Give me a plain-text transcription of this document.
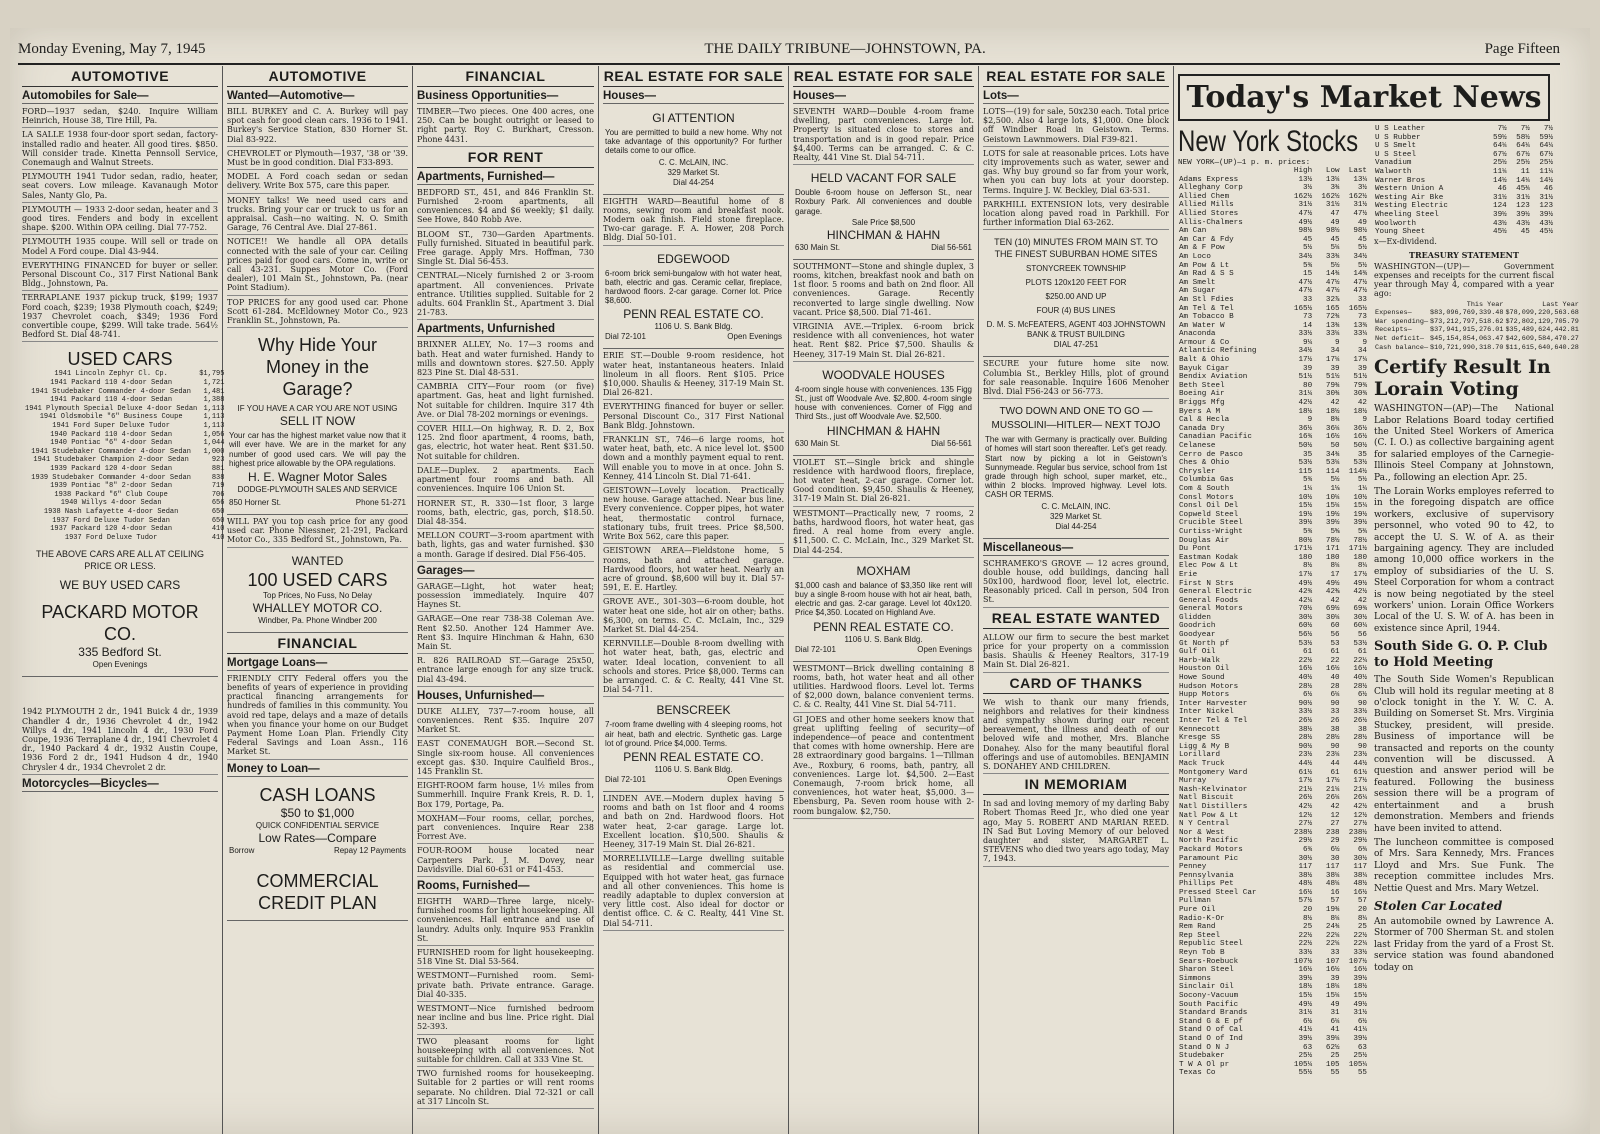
Monday Evening, May 7, 1945	THE DAILY TRIBUNE—JOHNSTOWN, PA.	Page Fifteen
AUTOMOTIVE
Automobiles for Sale—

FORD—1937 sedan, $240. Inquire William Heinrich, House 38, Tire Hill, Pa.

LA SALLE 1938 four-door sport sedan, factory-installed radio and heater. All good tires. $850. Will consider trade. Kinetta Pennsoll Service, Conemaugh and Walnut Streets.

PLYMOUTH 1941 Tudor sedan, radio, heater, seat covers. Low mileage. Kavanaugh Motor Sales, Nanty Glo, Pa.

PLYMOUTH — 1933 2-door sedan, heater and 3 good tires. Fenders and body in excellent shape. $200. Within OPA ceiling. Dial 77-752.

PLYMOUTH 1935 coupe. Will sell or trade on Model A Ford coupe. Dial 43-944.

EVERYTHING FINANCED for buyer or seller. Personal Discount Co., 317 First National Bank Bldg., Johnstown, Pa.

TERRAPLANE 1937 pickup truck, $199; 1937 Ford coach, $239; 1938 Plymouth coach, $249; 1937 Chevrolet coach, $349; 1936 Ford convertible coupe, $299. Will take trade. 564½ Bedford St. Dial 48-741.

USED CARS
1941 Lincoln Zephyr Cl. Cp.	$1,795
1941 Packard 110 4-door Sedan	1,721
1941 Studebaker Commander 4-door Sedan	1,481
1941 Packard 110 4-door Sedan	1,388
1941 Plymouth Special Deluxe 4-door Sedan	1,113
1941 Oldsmobile "6" Business Coupe	1,113
1941 Ford Super Deluxe Tudor	1,113
1940 Packard 110 4-door Sedan	1,056
1940 Pontiac "6" 4-door Sedan	1,044
1941 Studebaker Commander 4-door Sedan	1,000
1941 Studebaker Champion 2-door Sedan	923
1939 Packard 120 4-door Sedan	881
1939 Studebaker Commander 4-door Sedan	838
1939 Pontiac "8" 2-door Sedan	719
1938 Packard "6" Club Coupe	706
1940 Willys 4-door Sedan	656
1938 Nash Lafayette 4-door Sedan	650
1937 Ford Deluxe Tudor Sedan	650
1937 Packard 120 4-door Sedan	410
1937 Ford Deluxe Tudor	410
THE ABOVE CARS ARE ALL AT CEILING PRICE OR LESS.
WE BUY USED CARS
PACKARD MOTOR CO.
335 Bedford St.
Open Evenings

1942 PLYMOUTH 2 dr., 1941 Buick 4 dr., 1939 Chandler 4 dr., 1936 Chevrolet 4 dr., 1942 Willys 4 dr., 1941 Lincoln 4 dr., 1930 Ford Coupe, 1936 Terraplane 4 dr., 1941 Chevrolet 4 dr., 1940 Packard 4 dr., 1932 Austin Coupe, 1936 Ford 2 dr., 1941 Hudson 4 dr., 1940 Chrysler 4 dr., 1934 Chevrolet 2 dr.

Motorcycles—Bicycles—
AUTOMOTIVE
Wanted—Automotive—

BILL BURKEY and C. A. Burkey will pay spot cash for good clean cars. 1936 to 1941. Burkey's Service Station, 830 Horner St. Dial 83-922.

CHEVROLET or Plymouth—1937, '38 or '39. Must be in good condition. Dial F33-893.

MODEL A Ford coach sedan or sedan delivery. Write Box 575, care this paper.

MONEY talks! We need used cars and trucks. Bring your car or truck to us for an appraisal. Cash—no waiting. N. O. Smith Garage, 76 Central Ave. Dial 27-861.

NOTICE!! We handle all OPA details connected with the sale of your car. Ceiling prices paid for good cars. Come in, write or call 43-231. Suppes Motor Co. (Ford dealer), 101 Main St., Johnstown, Pa. (near Point Stadium).

TOP PRICES for any good used car. Phone Scott 61-284. McEldowney Motor Co., 923 Franklin St., Johnstown, Pa.

Why Hide Your Money in the Garage?
IF YOU HAVE A CAR YOU ARE NOT USING
SELL IT NOW

Your car has the highest market value now that it will ever have. We are in the market for any number of good used cars. We will pay the highest price allowable by the OPA regulations.

H. E. Wagner Motor Sales
DODGE-PLYMOUTH SALES AND SERVICE
850 Horner St.	Phone 51-271

WILL PAY you top cash price for any good used car. Phone Niessner, 21-291, Packard Motor Co., 335 Bedford St., Johnstown, Pa.

WANTED
100 USED CARS
Top Prices, No Fuss, No Delay
WHALLEY MOTOR CO.
Windber, Pa. Phone Windber 200
FINANCIAL
Mortgage Loans—

FRIENDLY CITY Federal offers you the benefits of years of experience in providing practical financing arrangements for hundreds of families in this community. You avoid red tape, delays and a maze of details when you finance your home on our Budget Payment Home Loan Plan. Friendly City Federal Savings and Loan Assn., 116 Market St.

Money to Loan—
CASH LOANS
$50 to $1,000
QUICK CONFIDENTIAL SERVICE
Low Rates—Compare
Borrow	Repay 12 Payments
COMMERCIAL CREDIT PLAN
FINANCIAL
Business Opportunities—

TIMBER—Two pieces. One 400 acres, one 250. Can be bought outright or leased to right party. Roy C. Burkhart, Cresson. Phone 4431.

FOR RENT
Apartments, Furnished—

BEDFORD ST., 451, and 846 Franklin St. Furnished 2-room apartments, all conveniences. $4 and $6 weekly; $1 daily. See Howe, 840 Robb Ave.

BLOOM ST., 730—Garden Apartments. Fully furnished. Situated in beautiful park. Free garage. Apply Mrs. Hoffman, 730 Single St. Dial 56-453.

CENTRAL—Nicely furnished 2 or 3-room apartment. All conveniences. Private entrance. Utilities supplied. Suitable for 2 adults. 604 Franklin St., Apartment 3. Dial 21-783.

Apartments, Unfurnished

BRIXNER ALLEY, No. 17—3 rooms and bath. Heat and water furnished. Handy to mills and downtown stores. $27.50. Apply 823 Pine St. Dial 48-531.

CAMBRIA CITY—Four room (or five) apartment. Gas, heat and light furnished. Not suitable for children. Inquire 317 4th Ave. or Dial 78-202 mornings or evenings.

COVER HILL—On highway, R. D. 2, Box 125. 2nd floor apartment, 4 rooms, bath, gas, electric, hot water heat. Rent $31.50. Not suitable for children.

DALE—Duplex. 2 apartments. Each apartment four rooms and bath. All conveniences. Inquire 106 Union St.

HORNER ST., R. 330—1st floor, 3 large rooms, bath, electric, gas, porch, $18.50. Dial 48-354.

MELLON COURT—3-room apartment with bath, lights, gas and water furnished. $30 a month. Garage if desired. Dial F56-405.

Garages—

GARAGE—Light, hot water heat; possession immediately. Inquire 407 Haynes St.

GARAGE—One rear 738-38 Coleman Ave. Rent $2.50. Another 124 Hammer Ave. Rent $3. Inquire Hinchman & Hahn, 630 Main St.

R. 826 RAILROAD ST.—Garage 25x50, entrance large enough for any size truck. Dial 43-494.

Houses, Unfurnished—

DUKE ALLEY, 737—7-room house, all conveniences. Rent $35. Inquire 207 Market St.

EAST CONEMAUGH BOR.—Second St. Single six-room house. All conveniences except gas. $30. Inquire Caulfield Bros., 145 Franklin St.

EIGHT-ROOM farm house, 1½ miles from Summerhill. Inquire Frank Kreis, R. D. 1, Box 179, Portage, Pa.

MOXHAM—Four rooms, cellar, porches, part conveniences. Inquire Rear 238 Forrest Ave.

FOUR-ROOM house located near Carpenters Park. J. M. Dovey, near Davidsville. Dial 60-631 or F41-453.

Rooms, Furnished—

EIGHTH WARD—Three large, nicely-furnished rooms for light housekeeping. All conveniences. Hall entrance and use of laundry. Adults only. Inquire 953 Franklin St.

FURNISHED room for light housekeeping. 518 Vine St. Dial 53-564.

WESTMONT—Furnished room. Semi-private bath. Private entrance. Garage. Dial 40-335.

WESTMONT—Nice furnished bedroom near incline and bus line. Price right. Dial 52-393.

TWO pleasant rooms for light housekeeping with all conveniences. Not suitable for children. Call at 333 Vine St.

TWO furnished rooms for housekeeping. Suitable for 2 parties or will rent rooms separate. No children. Dial 72-321 or call at 317 Lincoln St.

REAL ESTATE FOR SALE
Houses—
GI ATTENTION

You are permitted to build a new home. Why not take advantage of this opportunity? For further details come to our office.

C. C. McLAIN, INC.
329 Market St.
Dial 44-254

EIGHTH WARD—Beautiful home of 8 rooms, sewing room and breakfast nook. Modern oak finish. Field stone fireplace. Two-car garage. F. A. Hower, 208 Porch Bldg. Dial 50-101.

EDGEWOOD

6-room brick semi-bungalow with hot water heat, bath, electric and gas. Ceramic cellar, fireplace, hardwood floors. 2-car garage. Corner lot. Price $8,600.

PENN REAL ESTATE CO.
1106 U. S. Bank Bldg.
Dial 72-101	Open Evenings

ERIE ST.—Double 9-room residence, hot water heat, instantaneous heaters. Inlaid linoleum in all floors. Rent $105. Price $10,000. Shaulis & Heeney, 317-19 Main St. Dial 26-821.

EVERYTHING financed for buyer or seller. Personal Discount Co., 317 First National Bank Bldg. Johnstown.

FRANKLIN ST., 746—6 large rooms, hot water heat, bath, etc. A nice level lot. $500 down and a monthly payment equal to rent. Will enable you to move in at once. John S. Kenney, 414 Lincoln St. Dial 71-641.

GEISTOWN—Lovely location. Practically new house. Garage attached. Near bus line. Every convenience. Copper pipes, hot water heat, thermostatic control furnace, stationary tubs, fruit trees. Price $8,500. Write Box 562, care this paper.

GEISTOWN AREA—Fieldstone home, 5 rooms, bath and attached garage. Hardwood floors, hot water heat. Nearly an acre of ground. $8,600 will buy it. Dial 57-591, E. E. Hartley.

GROVE AVE., 301-303—6-room double, hot water heat one side, hot air on other; baths. $6,300, on terms. C. C. McLain, Inc., 329 Market St. Dial 44-254.

KERNVILLE—Double 8-room dwelling with hot water heat, bath, gas, electric and water. Ideal location, convenient to all schools and stores. Price $8,000. Terms can be arranged. C. & C. Realty, 441 Vine St. Dial 54-711.

BENSCREEK

7-room frame dwelling with 4 sleeping rooms, hot air heat, bath and electric. Synthetic gas. Large lot of ground. Price $4,000. Terms.

PENN REAL ESTATE CO.
1106 U. S. Bank Bldg.
Dial 72-101	Open Evenings

LINDEN AVE.—Modern duplex having 5 rooms and bath on 1st floor and 4 rooms and bath on 2nd. Hardwood floors. Hot water heat, 2-car garage. Large lot. Excellent location. $10,500. Shaulis & Heeney, 317-19 Main St. Dial 26-821.

MORRELLVILLE—Large dwelling suitable as residential and commercial use. Equipped with hot water heat, gas furnace and all other conveniences. This home is readily adaptable to duplex conversion at very little cost. Also ideal for doctor or dentist office. C. & C. Realty, 441 Vine St. Dial 54-711.

REAL ESTATE FOR SALE
Houses—

SEVENTH WARD—Double 4-room frame dwelling, part conveniences. Large lot. Property is situated close to stores and transportation and is in good repair. Price $4,400. Terms can be arranged. C. & C. Realty, 441 Vine St. Dial 54-711.

HELD VACANT FOR SALE

Double 6-room house on Jefferson St., near Roxbury Park. All conveniences and double garage.

Sale Price $8,500
HINCHMAN & HAHN
630 Main St.	Dial 56-561

SOUTHMONT—Stone and shingle duplex, 3 rooms, kitchen, breakfast nook and bath on 1st floor. 5 rooms and bath on 2nd floor. All conveniences. Garage. Recently reconverted to large single dwelling. Now vacant. Price $8,500. Dial 71-461.

VIRGINIA AVE.—Triplex. 6-room brick residence with all conveniences, hot water heat. Rent $82. Price $7,500. Shaulis & Heeney, 317-19 Main St. Dial 26-821.

WOODVALE HOUSES

4-room single house with conveniences. 135 Figg St., just off Woodvale Ave. $2,800. 4-room single house with conveniences. Corner of Figg and Third Sts., just off Woodvale Ave. $2,500.

HINCHMAN & HAHN
630 Main St.	Dial 56-561

VIOLET ST.—Single brick and shingle residence with hardwood floors, fireplace, hot water heat, 2-car garage. Corner lot. Good condition. $9,450. Shaulis & Heeney, 317-19 Main St. Dial 26-821.

WESTMONT—Practically new, 7 rooms, 2 baths, hardwood floors, hot water heat, gas fired. A real home from every angle. $11,500. C. C. McLain, Inc., 329 Market St. Dial 44-254.

MOXHAM

$1,000 cash and balance of $3,350 like rent will buy a single 8-room house with hot air heat, bath, electric and gas. 2-car garage. Level lot 40x120. Price $4,350. Located on Highland Ave.

PENN REAL ESTATE CO.
1106 U. S. Bank Bldg.
Dial 72-101	Open Evenings

WESTMONT—Brick dwelling containing 8 rooms, bath, hot water heat and all other utilities. Hardwood floors. Level lot. Terms of $2,000 down, balance convenient terms. C. & C. Realty, 441 Vine St. Dial 54-711.

GI JOES and other home seekers know that great uplifting feeling of security—of independence—of peace and contentment that comes with home ownership. Here are 28 extraordinary good bargains. 1—Tillman Ave., Roxbury, 6 rooms, bath, pantry, all conveniences. Large lot. $4,500. 2—East Conemaugh, 7-room brick home, all conveniences, hot water heat, $5,000. 3—Ebensburg, Pa. Seven room house with 2-room bungalow. $2,750.

REAL ESTATE FOR SALE
Lots—

LOTS—(19) for sale, 50x230 each. Total price $2,500. Also 4 large lots, $1,000. One block off Windber Road in Geistown. Terms. Geistown Lawnmowers. Dial F39-821.

LOTS for sale at reasonable prices. Lots have city improvements such as water, sewer and gas. Why buy ground so far from your work, when you can buy lots at your doorstep. Terms. Inquire J. W. Beckley, Dial 63-531.

PARKHILL EXTENSION lots, very desirable location along paved road in Parkhill. For further information Dial 63-262.

TEN (10) MINUTES FROM MAIN ST. TO THE FINEST SUBURBAN HOME SITES
STONYCREEK TOWNSHIP
PLOTS 120x120 FEET FOR
$250.00 AND UP
FOUR (4) BUS LINES
D. M. S. McFEATERS, AGENT 403 JOHNSTOWN BANK & TRUST BUILDING
DIAL 47-251

SECURE your future home site now. Columbia St., Berkley Hills, plot of ground for sale reasonable. Inquire 1606 Menoher Blvd. Dial F56-243 or 56-773.

TWO DOWN AND ONE TO GO —MUSSOLINI—HITLER— NEXT TOJO

The war with Germany is practically over. Building of homes will start soon thereafter. Let's get ready. Start now by picking a lot in Geistown's Sunnymeade. Regular bus service, school from 1st grade through high school, super market, etc., within 2 blocks. Improved highway. Level lots. CASH OR TERMS.

C. C. McLAIN, INC.
329 Market St.
Dial 44-254
Miscellaneous—

SCHRAMEKO'S GROVE — 12 acres ground, double house, odd buildings, dancing hall 50x100, hardwood floor, level lot, electric. Reasonably priced. Call in person, 504 Iron St.

REAL ESTATE WANTED

ALLOW our firm to secure the best market price for your property on a commission basis. Shaulis & Heeney Realtors, 317-19 Main St. Dial 26-821.

CARD OF THANKS

We wish to thank our many friends, neighbors and relatives for their kindness and sympathy shown during our recent bereavement, the illness and death of our beloved wife and mother, Mrs. Blanche Donahey. Also for the many beautiful floral offerings and use of automobiles. BENJAMIN S. DONAHEY AND CHILDREN.

IN MEMORIAM

In sad and loving memory of my darling Baby Robert Thomas Reed Jr., who died one year ago, May 5. ROBERT AND MARIAN REED. IN Sad But Loving Memory of our beloved daughter and sister, MARGARET L. STEVENS who died two years ago today, May 7, 1943.

Today's Market News
New York Stocks
NEW YORK—(UP)—1 p. m. prices:
	High	Low	Last
Adams Express	13½	13¼	13¼
Alleghany Corp	3½	3¾	3½
Allied Chem	162½	162½	162½
Allied Mills	31½	31½	31½
Allied Stores	47½	47	47½
Allis-Chalmers	49½	49	49
Am Can	98½	98½	98½
Am Car & Fdy	45	45	45
Am & F Pow	5½	5¼	5½
Am Loco	34½	33¾	34½
Am Pow & Lt	5¾	5½	5½
Am Rad & S S	15	14¾	14¾
Am Smelt	47½	47½	47½
Am Sugar	47½	47½	47½
Am Stl Fdies	33	32⅞	33
Am Tel & Tel	165½	165	165½
Am Tobacco B	73	72¾	73
Am Water W	14	13¾	13¾
Anaconda	33½	33¼	33¼
Armour & Co	9¼	9	9
Atlantic Refining	34½	34	34
Balt & Ohio	17½	17¼	17¼
Bayuk Cigar	39	39	39
Bendix Aviation	51½	51½	51½
Beth Steel	80	79¾	79¾
Boeing Air	31¼	30¾	30¾
Briggs Mfg	42½	42	42
Byers A M	18½	18½	18½
Cal & Hecla	9	8¾	9
Canada Dry	36½	36¼	36½
Canadian Pacific	16¾	16½	16½
Celanese	50½	50	50½
Cerro de Pasco	35	34¾	35
Ches & Ohio	53½	53¼	53½
Chrysler	115	114	114½
Columbia Gas	5¾	5½	5½
Com & South	1¼	1⅛	1¼
Consl Motors	10½	10¼	10½
Consl Oil Del	15½	15¼	15¼
Copweld Steel	19½	19½	19½
Crucible Steel	39½	39½	39½
Curtiss-Wright	5¾	5⅝	5¾
Douglas Air	80½	78½	78½
Du Pont	171½	171	171½
Eastman Kodak	180	180	180
Elec Pow & Lt	8½	8¼	8¼
Erie	17½	17	17½
First N Strs	49½	49½	49½
General Electric	42¾	42⅜	42½
General Foods	42¼	42	42
General Motors	70½	69½	69¾
Glidden	30½	30¼	30½
Goodrich	60½	60	60¼
Goodyear	56½	56	56
Gt North pf	53½	53	53½
Gulf Oil	61	61	61
Harb-Walk	22½	22	22¼
Houston Oil	16½	16½	16½
Howe Sound	40½	40	40½
Hudson Motors	28½	28	28½
Hupp Motors	6½	6¼	6½
Inter Harvester	90½	90	90
Inter Nickel	33½	33	33½
Inter Tel & Tel	26½	26	26½
Kennecott	38½	38	38
Kresge SS	28½	28½	28½
Ligg & My B	90½	90	90
Lorillard	23½	23¼	23½
Mack Truck	44½	44	44½
Montgomery Ward	61½	61	61½
Murray	17½	17½	17½
Nash-Kelvinator	21½	21¼	21¼
Natl Biscuit	26½	26¼	26¼
Natl Distillers	42½	42	42½
Natl Pow & Lt	12½	12	12½
N Y Central	27½	27	27½
Nor & West	238½	238	238½
North Pacific	29½	29	29½
Packard Motors	6¾	6½	6¾
Paramount Pic	30½	30	30½
Penney	117	117	117
Pennsylvania	38½	38¼	38¼
Phillips Pet	48½	48¼	48½
Pressed Steel Car	16½	16	16½
Pullman	57½	57	57
Pure Oil	20	19¾	20
Radio-K-Or	8½	8¼	8¼
Rem Rand	25	24¾	25
Rep Steel	22½	22¼	22½
Republic Steel	22½	22¼	22¼
Reyn Tob B	33½	33	33½
Sears-Roebuck	107½	107	107½
Sharon Steel	16½	16½	16½
Simmons	39½	39	39½
Sinclair Oil	18½	18¼	18½
Socony-Vacuum	15½	15¼	15½
South Pacific	49½	49	49½
Standard Brands	31½	31	31½
Stand G & E pf	6½	6¼	6½
Stand O of Cal	41½	41	41¼
Stand O of Ind	39½	39¼	39½
Stand O N J	63	62½	63
Studebaker	25½	25	25½
T W A Ol pr	105¼	105	105¼
Texas Co	55½	55	55
U S Leather	7½	7½	7½
U S Rubber	59½	58½	59½
U S Smelt	64¼	64¼	64¼
U S Steel	67½	67½	67½
Vanadium	25½	25½	25½
Walworth	11¼	11	11¼
Warner Bros	14½	14¼	14½
Western Union A	46	45¾	46
Westing Air Bke	31½	31½	31½
Westing Electric	124	123	123
Wheeling Steel	39½	39½	39½
Woolworth	43½	43½	43½
Young Sheet	45½	45	45½
x—Ex-dividend.
TREASURY STATEMENT

WASHINGTON—(UP)— Government expenses and receipts for the current fiscal year through May 4, compared with a year ago:

	This Year	Last Year
Expenses—	$83,096,769,339.48	$78,099,220,563.68
War spending—	$73,212,797,518.62	$72,802,129,705.79
Receipts—	$37,941,915,276.01	$35,489,624,442.81
Net deficit—	$45,154,854,063.47	$42,609,584,470.27
Cash balance—	$10,721,990,318.70	$11,615,640,640.28
Certify Result In Lorain Voting

WASHINGTON—(AP)—The National Labor Relations Board today certified the United Steel Workers of America (C. I. O.) as collective bargaining agent for salaried employes of the Carnegie-Illinois Steel Company at Johnstown, Pa., following an election Apr. 25.

The Lorain Works employes referred to in the foregoing dispatch are office workers, exclusive of supervisory personnel, who voted 90 to 42, to accept the U. S. W. of A. as their bargaining agency. They are included among 10,000 office workers in the employ of subsidiaries of the U. S. Steel Corporation for whom a contract is now being negotiated by the steel workers' union. Lorain Office Workers Local of the U. S. W. of A. has been in existence since April, 1944.

South Side G. O. P. Club to Hold Meeting

The South Side Women's Republican Club will hold its regular meeting at 8 o'clock tonight in the Y. W. C. A. Building on Somerset St. Mrs. Virginia Stuckey, president, will preside. Business of importance will be transacted and reports on the county convention will be discussed. A question and answer period will be featured. Following the business session there will be a program of entertainment and a brush demonstration. Members and friends have been invited to attend.

The luncheon committee is composed of Mrs. Sara Kennedy, Mrs. Frances Lloyd and Mrs. Sue Funk. The reception committee includes Mrs. Nettie Quest and Mrs. Mary Wetzel.

Stolen Car Located

An automobile owned by Lawrence A. Stormer of 700 Sherman St. and stolen last Friday from the yard of a Frost St. service station was found abandoned today on
